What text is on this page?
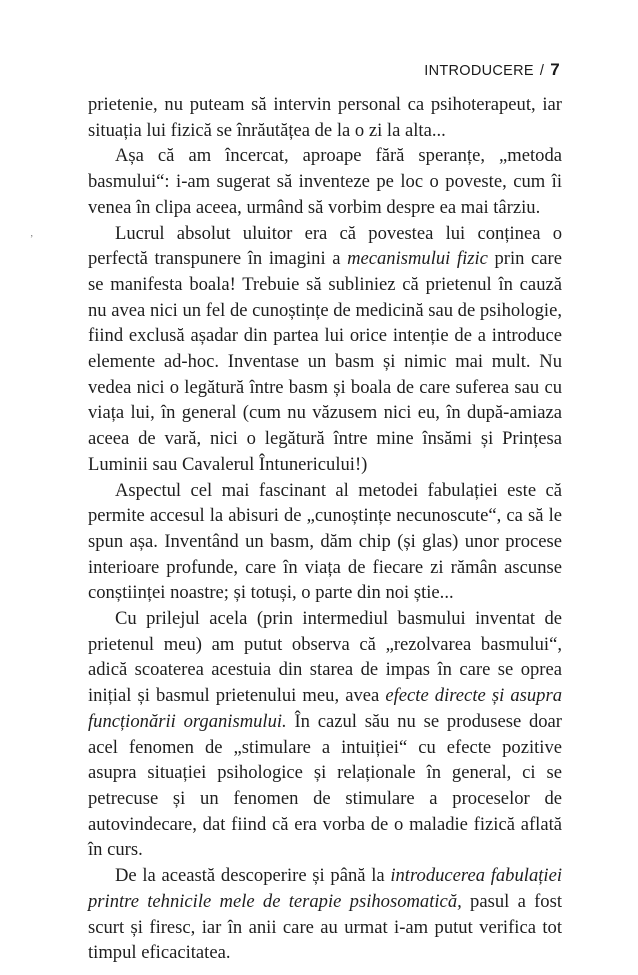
INTRODUCERE / 7
ʼ

prietenie, nu puteam să intervin personal ca psihoterapeut, iar situația lui fizică se înrăutățea de la o zi la alta...

Așa că am încercat, aproape fără speranțe, „metoda basmului“: i-am sugerat să inventeze pe loc o poveste, cum îi venea în clipa aceea, urmând să vorbim despre ea mai târziu.

Lucrul absolut uluitor era că povestea lui conținea o perfectă transpunere în imagini a mecanismului fizic prin care se manifesta boala! Trebuie să subliniez că prietenul în cauză nu avea nici un fel de cunoștințe de medicină sau de psihologie, fiind exclusă așadar din partea lui orice intenție de a introduce elemente ad-hoc. Inventase un basm și nimic mai mult. Nu vedea nici o legătură între basm și boala de care suferea sau cu viața lui, în general (cum nu văzusem nici eu, în după-amiaza aceea de vară, nici o legătură între mine însămi și Prințesa Luminii sau Cavalerul Întunericului!)

Aspectul cel mai fascinant al metodei fabulației este că permite accesul la abisuri de „cunoștințe necunoscute“, ca să le spun așa. Inventând un basm, dăm chip (și glas) unor procese interioare profunde, care în viața de fiecare zi rămân ascunse conștiinței noastre; și totuși, o parte din noi știe...

Cu prilejul acela (prin intermediul basmului inventat de prietenul meu) am putut observa că „rezolvarea basmului“, adică scoaterea acestuia din starea de impas în care se oprea inițial și basmul prietenului meu, avea efecte directe și asupra funcționării organismului. În cazul său nu se produsese doar acel fenomen de „stimulare a intuiției“ cu efecte pozitive asupra situației psihologice și relaționale în general, ci se petrecuse și un fenomen de stimulare a proceselor de autovindecare, dat fiind că era vorba de o maladie fizică aflată în curs.

De la această descoperire și până la introducerea fabulației printre tehnicile mele de terapie psihosomatică, pasul a fost scurt și firesc, iar în anii care au urmat i-am putut verifica tot timpul eficacitatea.
